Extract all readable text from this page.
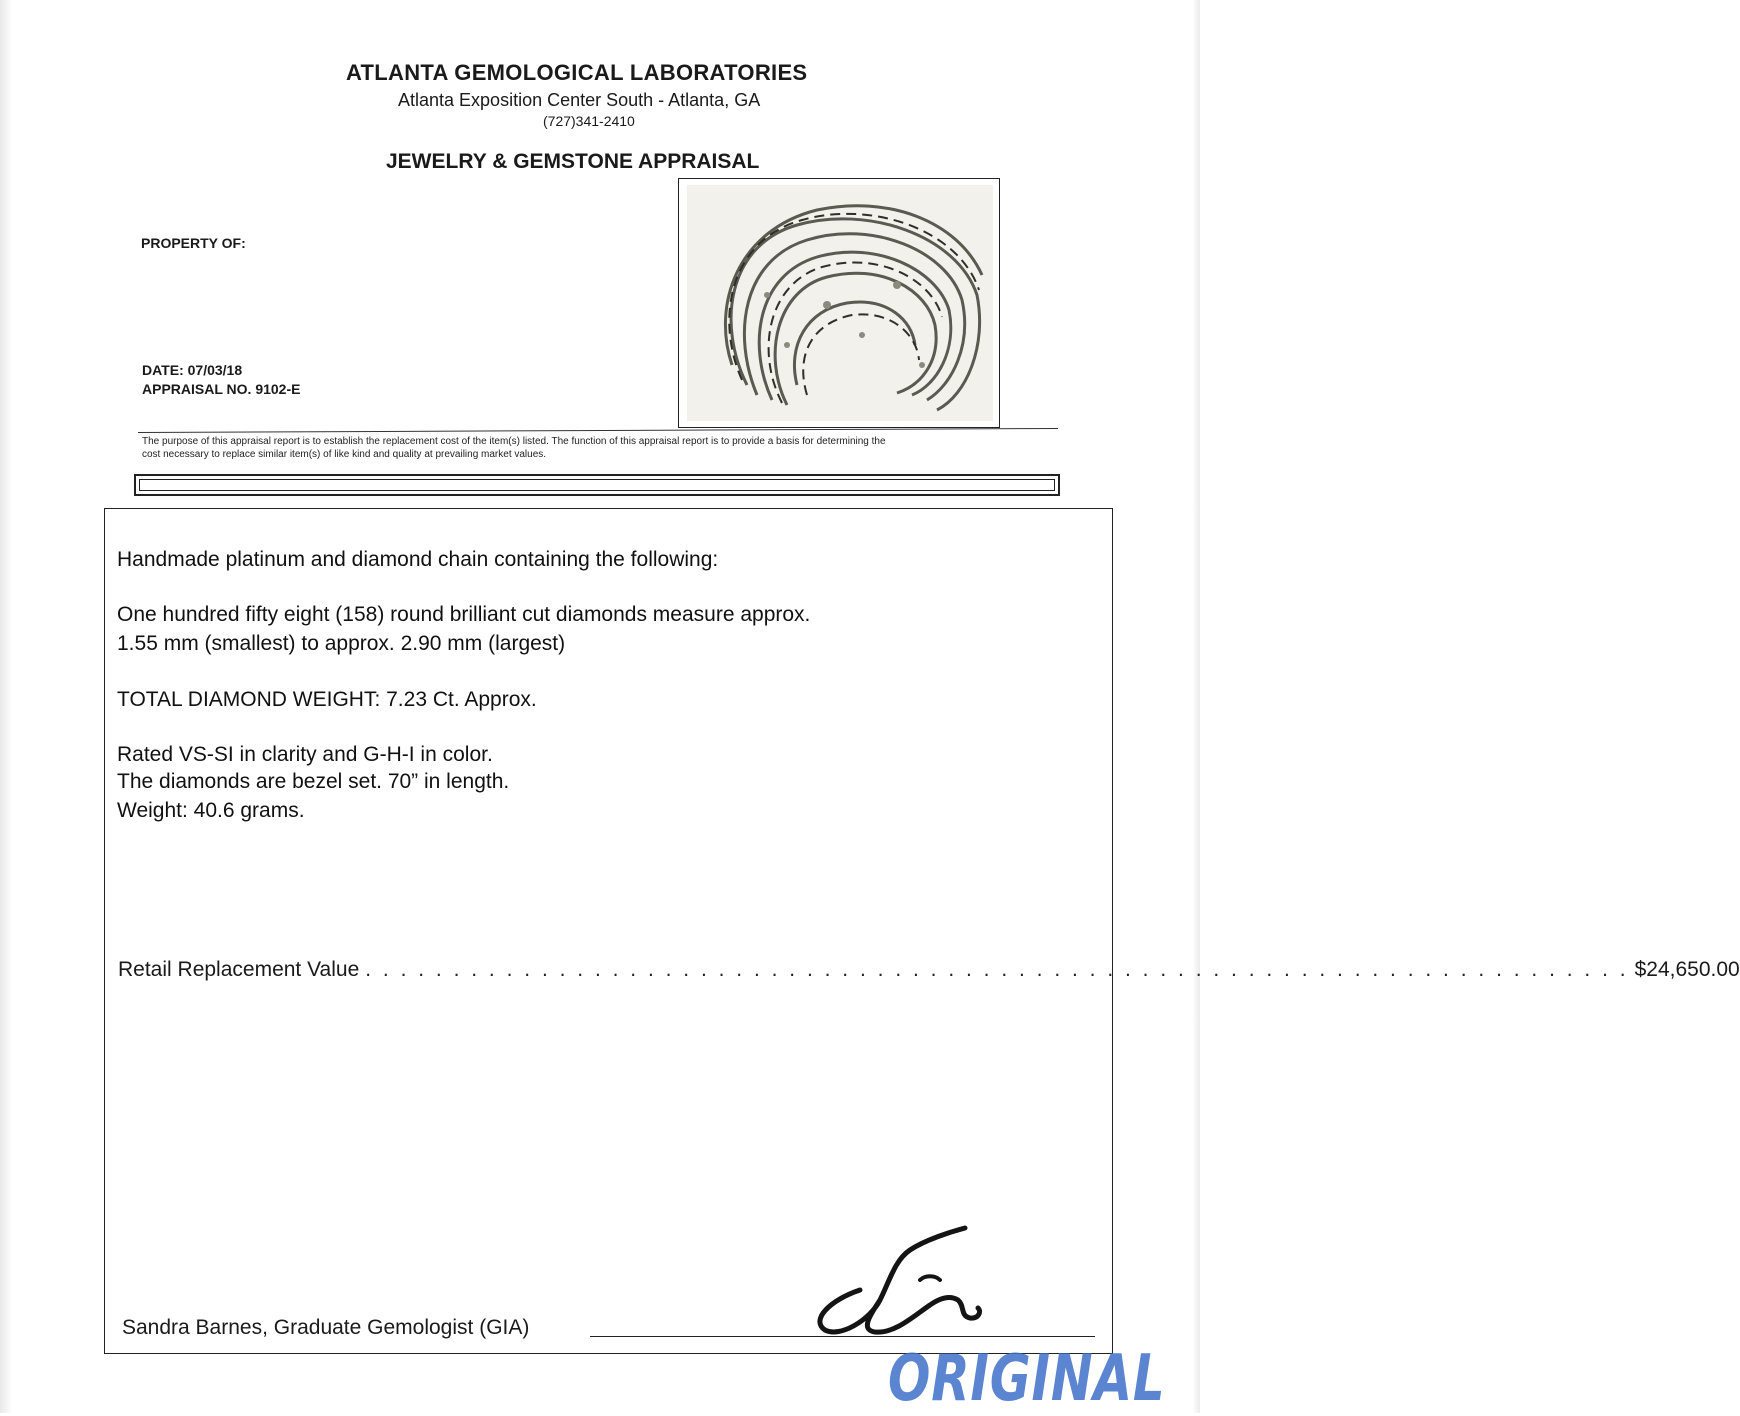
ATLANTA GEMOLOGICAL LABORATORIES
Atlanta Exposition Center South - Atlanta, GA
(727)341-2410
JEWELRY & GEMSTONE APPRAISAL
PROPERTY OF:
DATE: 07/03/18
APPRAISAL NO. 9102-E
The purpose of this appraisal report is to establish the replacement cost of the item(s) listed. The function of this appraisal report is to provide a basis for determining the
cost necessary to replace similar item(s) of like kind and quality at prevailing market values.
Handmade platinum and diamond chain containing the following:
One hundred fifty eight (158) round brilliant cut diamonds measure approx.
1.55 mm (smallest) to approx. 2.90 mm (largest)
TOTAL DIAMOND WEIGHT: 7.23 Ct. Approx.
Rated VS-SI in clarity and G-H-I in color.
The diamonds are bezel set. 70” in length.
Weight: 40.6 grams.
Retail Replacement Value . . . . . . . . . . . . . . . . . . . . . . . . . . . . . . . . . . . . . . . . . . . . . . . . . . . . . . . . . . . . . . . . . . . . . . . . $24,650.00
Sandra Barnes, Graduate Gemologist (GIA)
ORIGINAL
